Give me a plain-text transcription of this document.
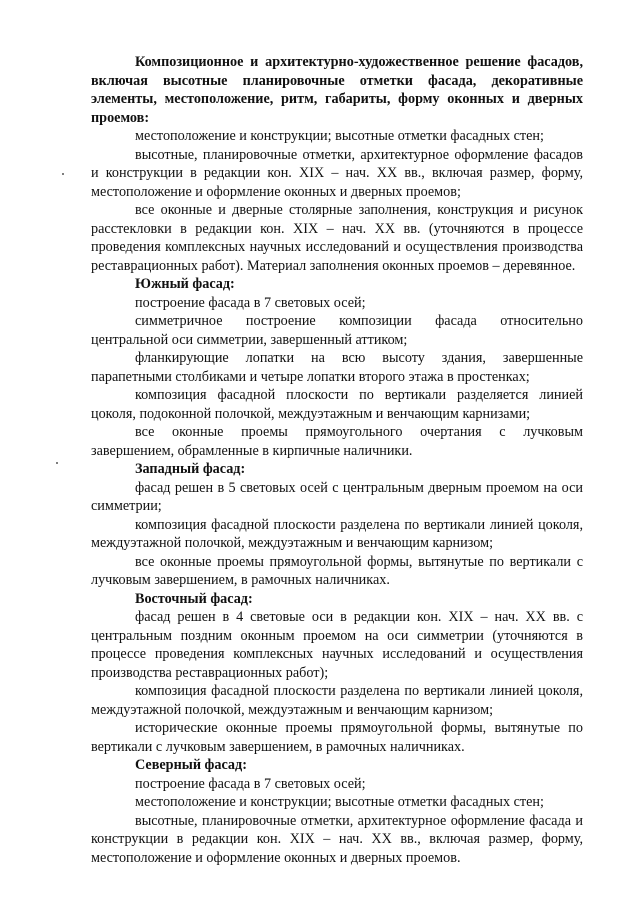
Композиционное и архитектурно-художественное решение фасадов, включая высотные планировочные отметки фасада, декоративные элементы, местоположение, ритм, габариты, форму оконных и дверных проемов:

местоположение и конструкции; высотные отметки фасадных стен;

высотные, планировочные отметки, архитектурное оформление фасадов и конструкции в редакции кон. XIX – нач. XX вв., включая размер, форму, местоположение и оформление оконных и дверных проемов;

все оконные и дверные столярные заполнения, конструкция и рисунок расстекловки в редакции кон. XIX – нач. XX вв. (уточняются в процессе проведения комплексных научных исследований и осуществления производства реставрационных работ). Материал заполнения оконных проемов – деревянное.

Южный фасад:

построение фасада в 7 световых осей;

симметричное построение композиции фасада относительно центральной оси симметрии, завершенный аттиком;

фланкирующие лопатки на всю высоту здания, завершенные парапетными столбиками и четыре лопатки второго этажа в простенках;

композиция фасадной плоскости по вертикали разделяется линией цоколя, подоконной полочкой, междуэтажным и венчающим карнизами;

все оконные проемы прямоугольного очертания с лучковым завершением, обрамленные в кирпичные наличники.

Западный фасад:

фасад решен в 5 световых осей с центральным дверным проемом на оси симметрии;

композиция фасадной плоскости разделена по вертикали линией цоколя, междуэтажной полочкой, междуэтажным и венчающим карнизом;

все оконные проемы прямоугольной формы, вытянутые по вертикали с лучковым завершением, в рамочных наличниках.

Восточный фасад:

фасад решен в 4 световые оси в редакции кон. XIX – нач. XX вв. с центральным поздним оконным проемом на оси симметрии (уточняются в процессе проведения комплексных научных исследований и осуществления производства реставрационных работ);

композиция фасадной плоскости разделена по вертикали линией цоколя, междуэтажной полочкой, междуэтажным и венчающим карнизом;

исторические оконные проемы прямоугольной формы, вытянутые по вертикали с лучковым завершением, в рамочных наличниках.

Северный фасад:

построение фасада в 7 световых осей;

местоположение и конструкции; высотные отметки фасадных стен;

высотные, планировочные отметки, архитектурное оформление фасада и конструкции в редакции кон. XIX – нач. XX вв., включая размер, форму, местоположение и оформление оконных и дверных проемов.
